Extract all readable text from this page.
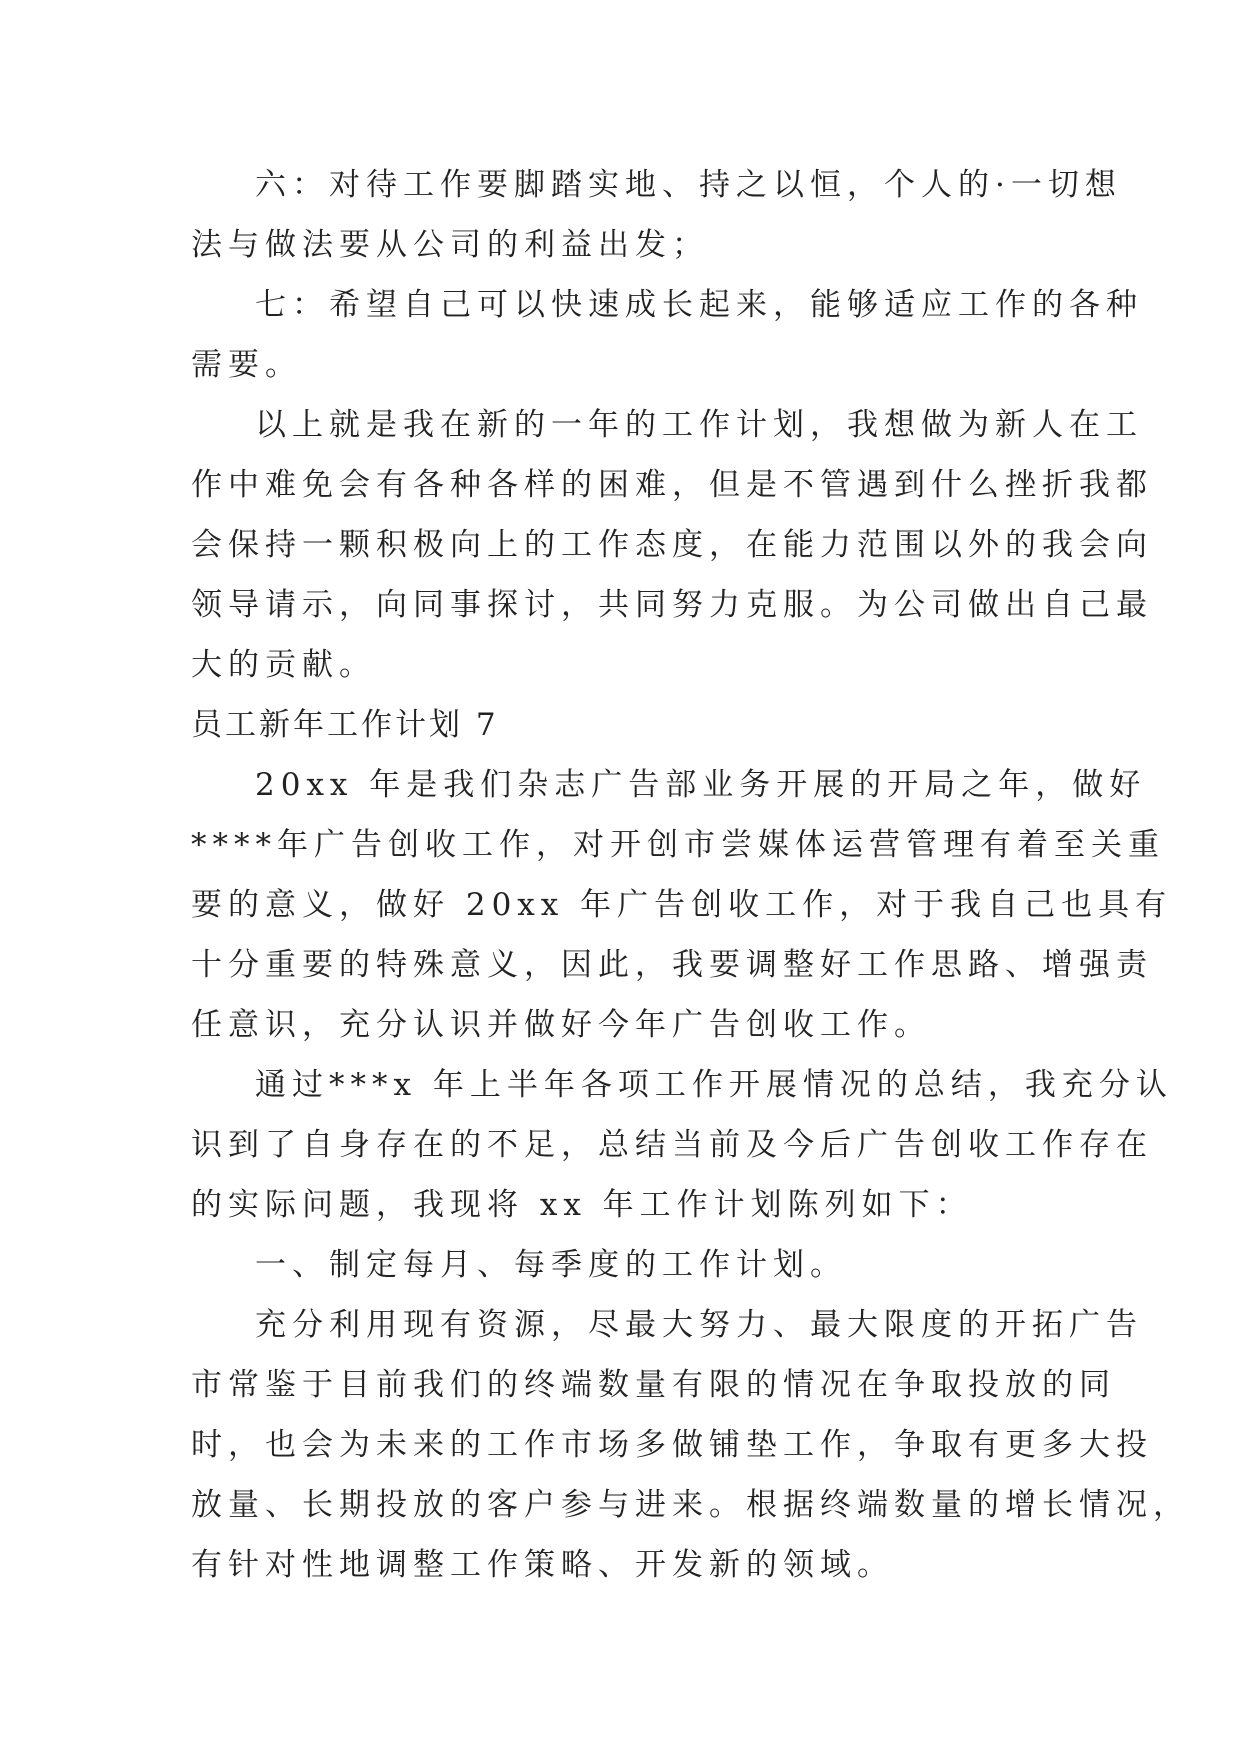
六：对待工作要脚踏实地、持之以恒，个人的·一切想
法与做法要从公司的利益出发；
七：希望自己可以快速成长起来，能够适应工作的各种
需要。
以上就是我在新的一年的工作计划，我想做为新人在工
作中难免会有各种各样的困难，但是不管遇到什么挫折我都
会保持一颗积极向上的工作态度，在能力范围以外的我会向
领导请示，向同事探讨，共同努力克服。为公司做出自己最
大的贡献。
员工新年工作计划 7
20xx 年是我们杂志广告部业务开展的开局之年，做好
****年广告创收工作，对开创市尝媒体运营管理有着至关重
要的意义，做好 20xx 年广告创收工作，对于我自己也具有
十分重要的特殊意义，因此，我要调整好工作思路、增强责
任意识，充分认识并做好今年广告创收工作。
通过***x 年上半年各项工作开展情况的总结，我充分认
识到了自身存在的不足，总结当前及今后广告创收工作存在
的实际问题，我现将 xx 年工作计划陈列如下：
一、制定每月、每季度的工作计划。
充分利用现有资源，尽最大努力、最大限度的开拓广告
市常鉴于目前我们的终端数量有限的情况在争取投放的同
时，也会为未来的工作市场多做铺垫工作，争取有更多大投
放量、长期投放的客户参与进来。根据终端数量的增长情况，
有针对性地调整工作策略、开发新的领域。
